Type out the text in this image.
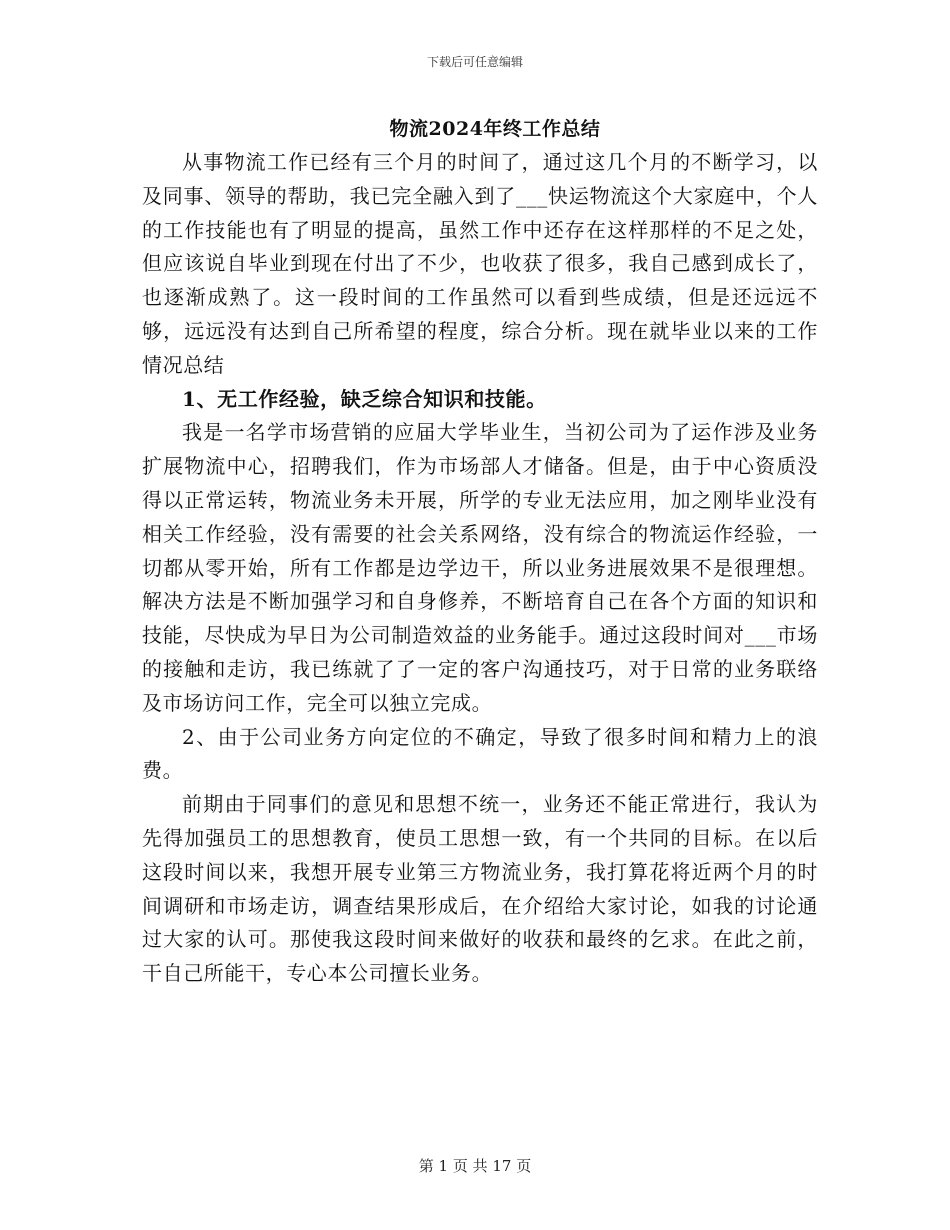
下载后可任意编辑
物流2024年终工作总结

从事物流工作已经有三个月的时间了，通过这几个月的不断学习，以及同事、领导的帮助，我已完全融入到了___快运物流这个大家庭中，个人的工作技能也有了明显的提高，虽然工作中还存在这样那样的不足之处，但应该说自毕业到现在付出了不少，也收获了很多，我自己感到成长了，也逐渐成熟了。这一段时间的工作虽然可以看到些成绩，但是还远远不够，远远没有达到自己所希望的程度，综合分析。现在就毕业以来的工作情况总结

1、无工作经验，缺乏综合知识和技能。

我是一名学市场营销的应届大学毕业生，当初公司为了运作涉及业务扩展物流中心，招聘我们，作为市场部人才储备。但是，由于中心资质没得以正常运转，物流业务未开展，所学的专业无法应用，加之刚毕业没有相关工作经验，没有需要的社会关系网络，没有综合的物流运作经验，一切都从零开始，所有工作都是边学边干，所以业务进展效果不是很理想。解决方法是不断加强学习和自身修养，不断培育自己在各个方面的知识和技能，尽快成为早日为公司制造效益的业务能手。通过这段时间对___市场的接触和走访，我已练就了了一定的客户沟通技巧，对于日常的业务联络及市场访问工作，完全可以独立完成。

2、由于公司业务方向定位的不确定，导致了很多时间和精力上的浪费。

前期由于同事们的意见和思想不统一，业务还不能正常进行，我认为先得加强员工的思想教育，使员工思想一致，有一个共同的目标。在以后这段时间以来，我想开展专业第三方物流业务，我打算花将近两个月的时间调研和市场走访，调查结果形成后，在介绍给大家讨论，如我的讨论通过大家的认可。那使我这段时间来做好的收获和最终的乞求。在此之前，干自己所能干，专心本公司擅长业务。

第 1 页 共 17 页
